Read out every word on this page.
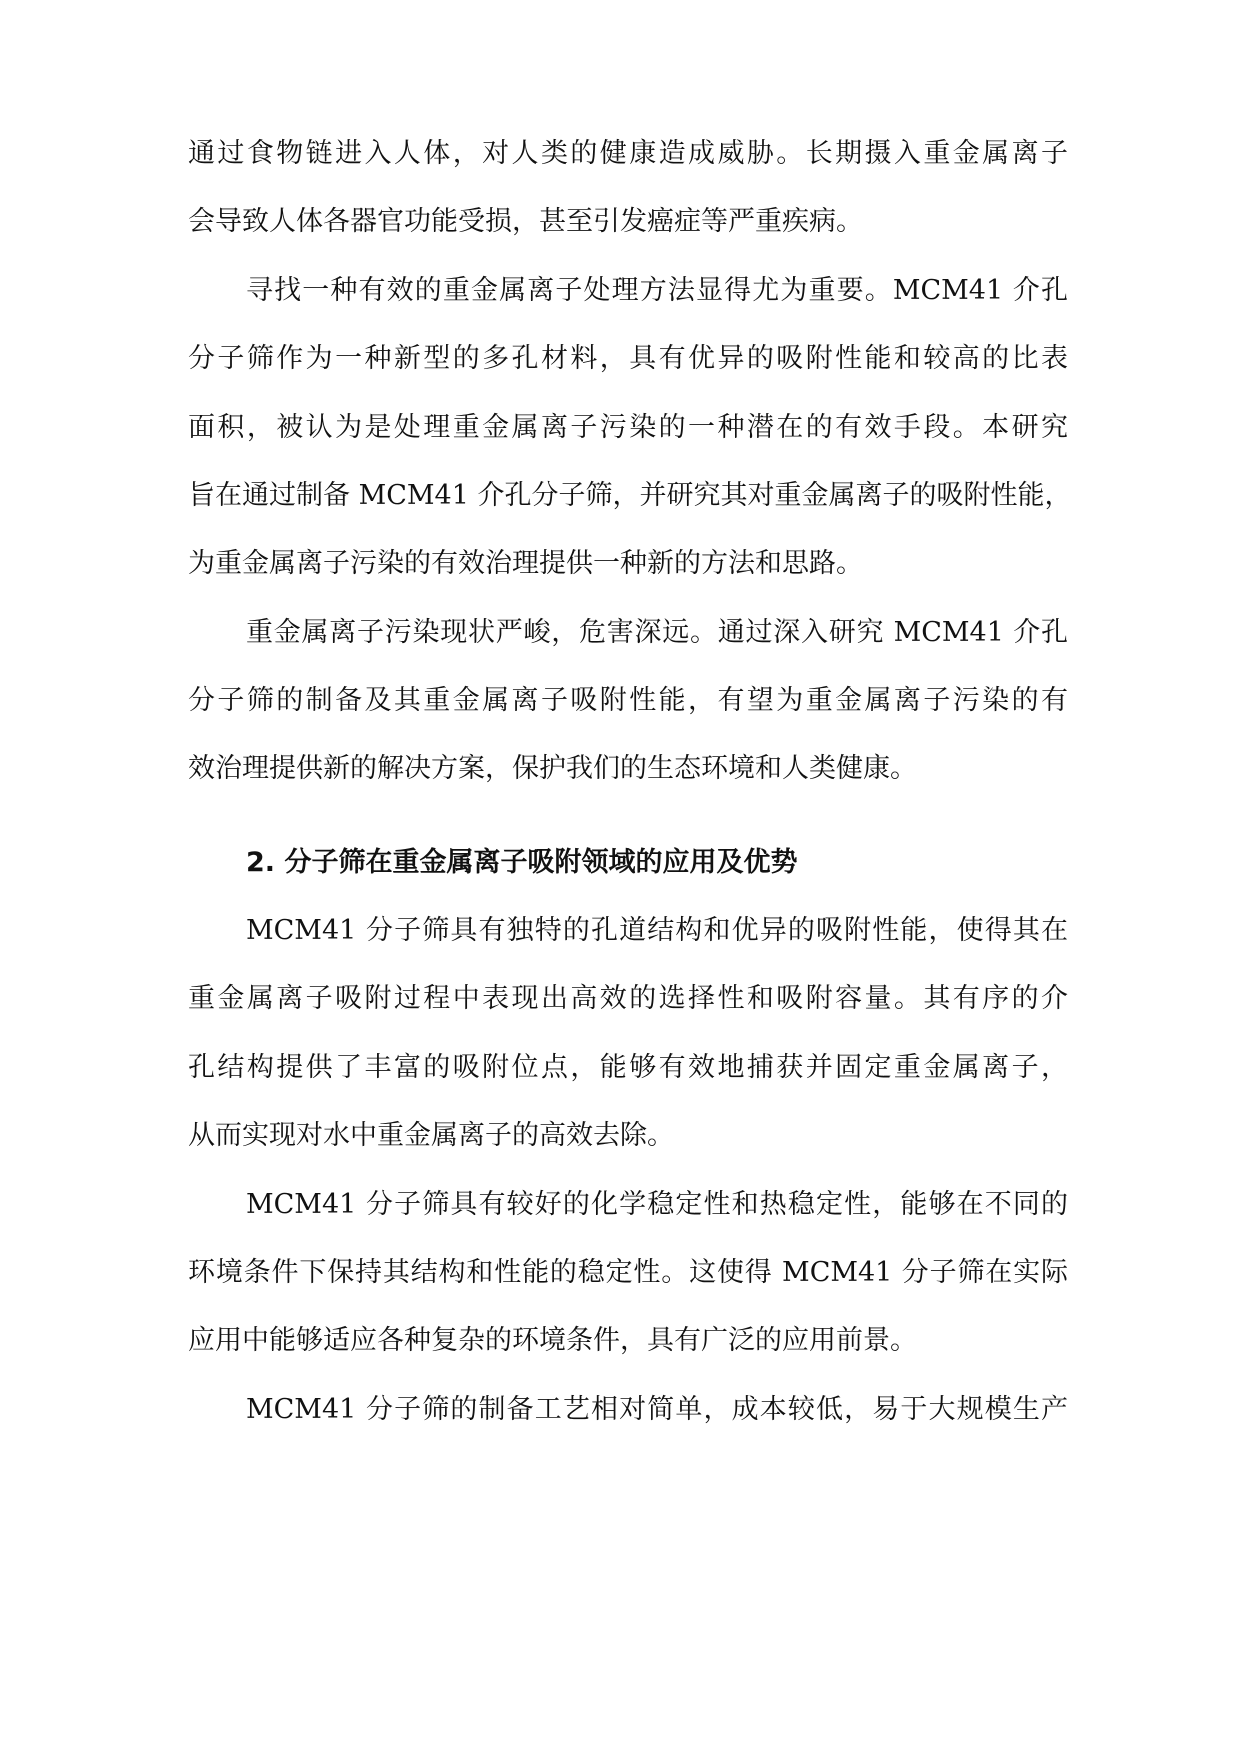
通过食物链进入人体，对人类的健康造成威胁。长期摄入重金属离子

会导致人体各器官功能受损，甚至引发癌症等严重疾病。

寻找一种有效的重金属离子处理方法显得尤为重要。MCM41 介孔

分子筛作为一种新型的多孔材料，具有优异的吸附性能和较高的比表

面积，被认为是处理重金属离子污染的一种潜在的有效手段。本研究

旨在通过制备 MCM41 介孔分子筛，并研究其对重金属离子的吸附性能，

为重金属离子污染的有效治理提供一种新的方法和思路。

重金属离子污染现状严峻，危害深远。通过深入研究 MCM41 介孔

分子筛的制备及其重金属离子吸附性能，有望为重金属离子污染的有

效治理提供新的解决方案，保护我们的生态环境和人类健康。

2. 分子筛在重金属离子吸附领域的应用及优势

MCM41 分子筛具有独特的孔道结构和优异的吸附性能，使得其在

重金属离子吸附过程中表现出高效的选择性和吸附容量。其有序的介

孔结构提供了丰富的吸附位点，能够有效地捕获并固定重金属离子，

从而实现对水中重金属离子的高效去除。

MCM41 分子筛具有较好的化学稳定性和热稳定性，能够在不同的

环境条件下保持其结构和性能的稳定性。这使得 MCM41 分子筛在实际

应用中能够适应各种复杂的环境条件，具有广泛的应用前景。

MCM41 分子筛的制备工艺相对简单，成本较低，易于大规模生产
